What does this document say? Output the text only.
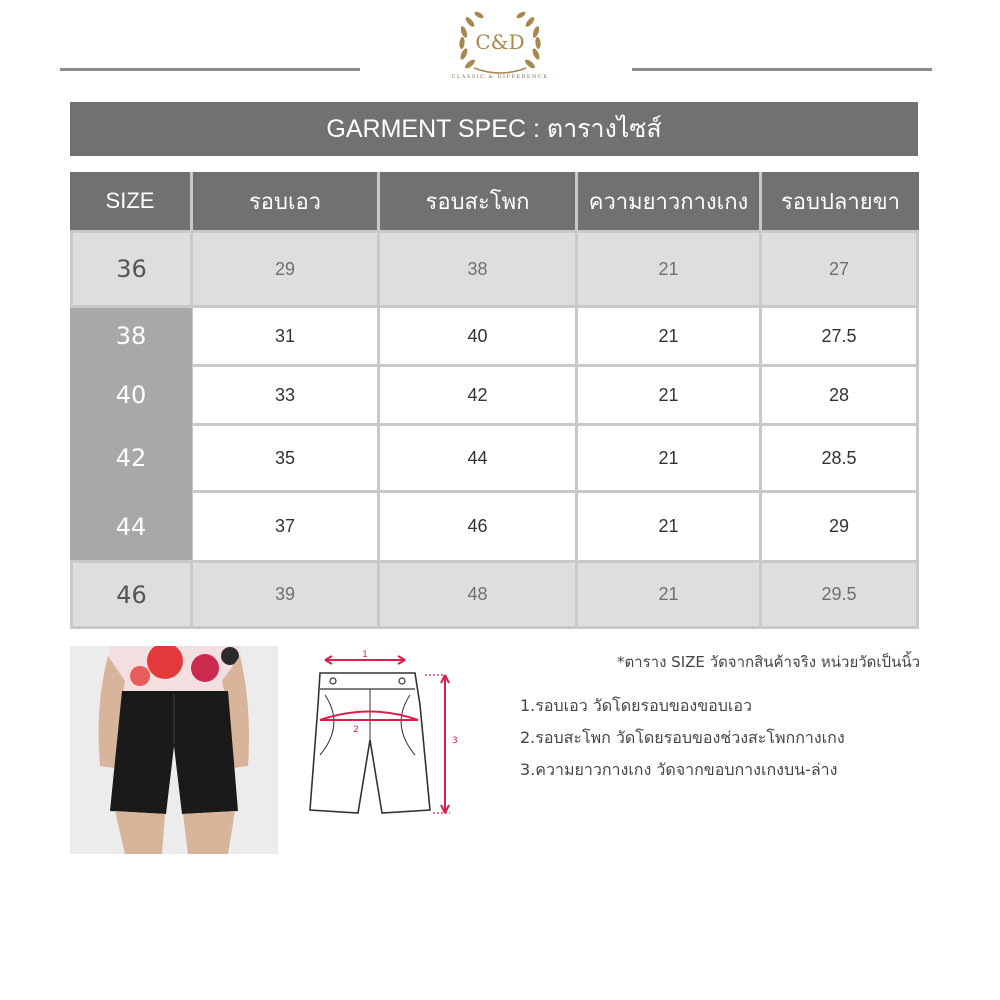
C&D
CLASSIC & DIFFERENCE
GARMENT SPEC : ตารางไซส์
SIZE	รอบเอว	รอบสะโพก	ความยาวกางเกง	รอบปลายขา
36	29	38	21	27
38	31	40	21	27.5
40	33	42	21	28
42	35	44	21	28.5
44	37	46	21	29
46	39	48	21	29.5
1
2
3
*ตาราง SIZE วัดจากสินค้าจริง หน่วยวัดเป็นนิ้ว
1.รอบเอว วัดโดยรอบของขอบเอว
2.รอบสะโพก วัดโดยรอบของช่วงสะโพกกางเกง
3.ความยาวกางเกง วัดจากขอบกางเกงบน-ล่าง
